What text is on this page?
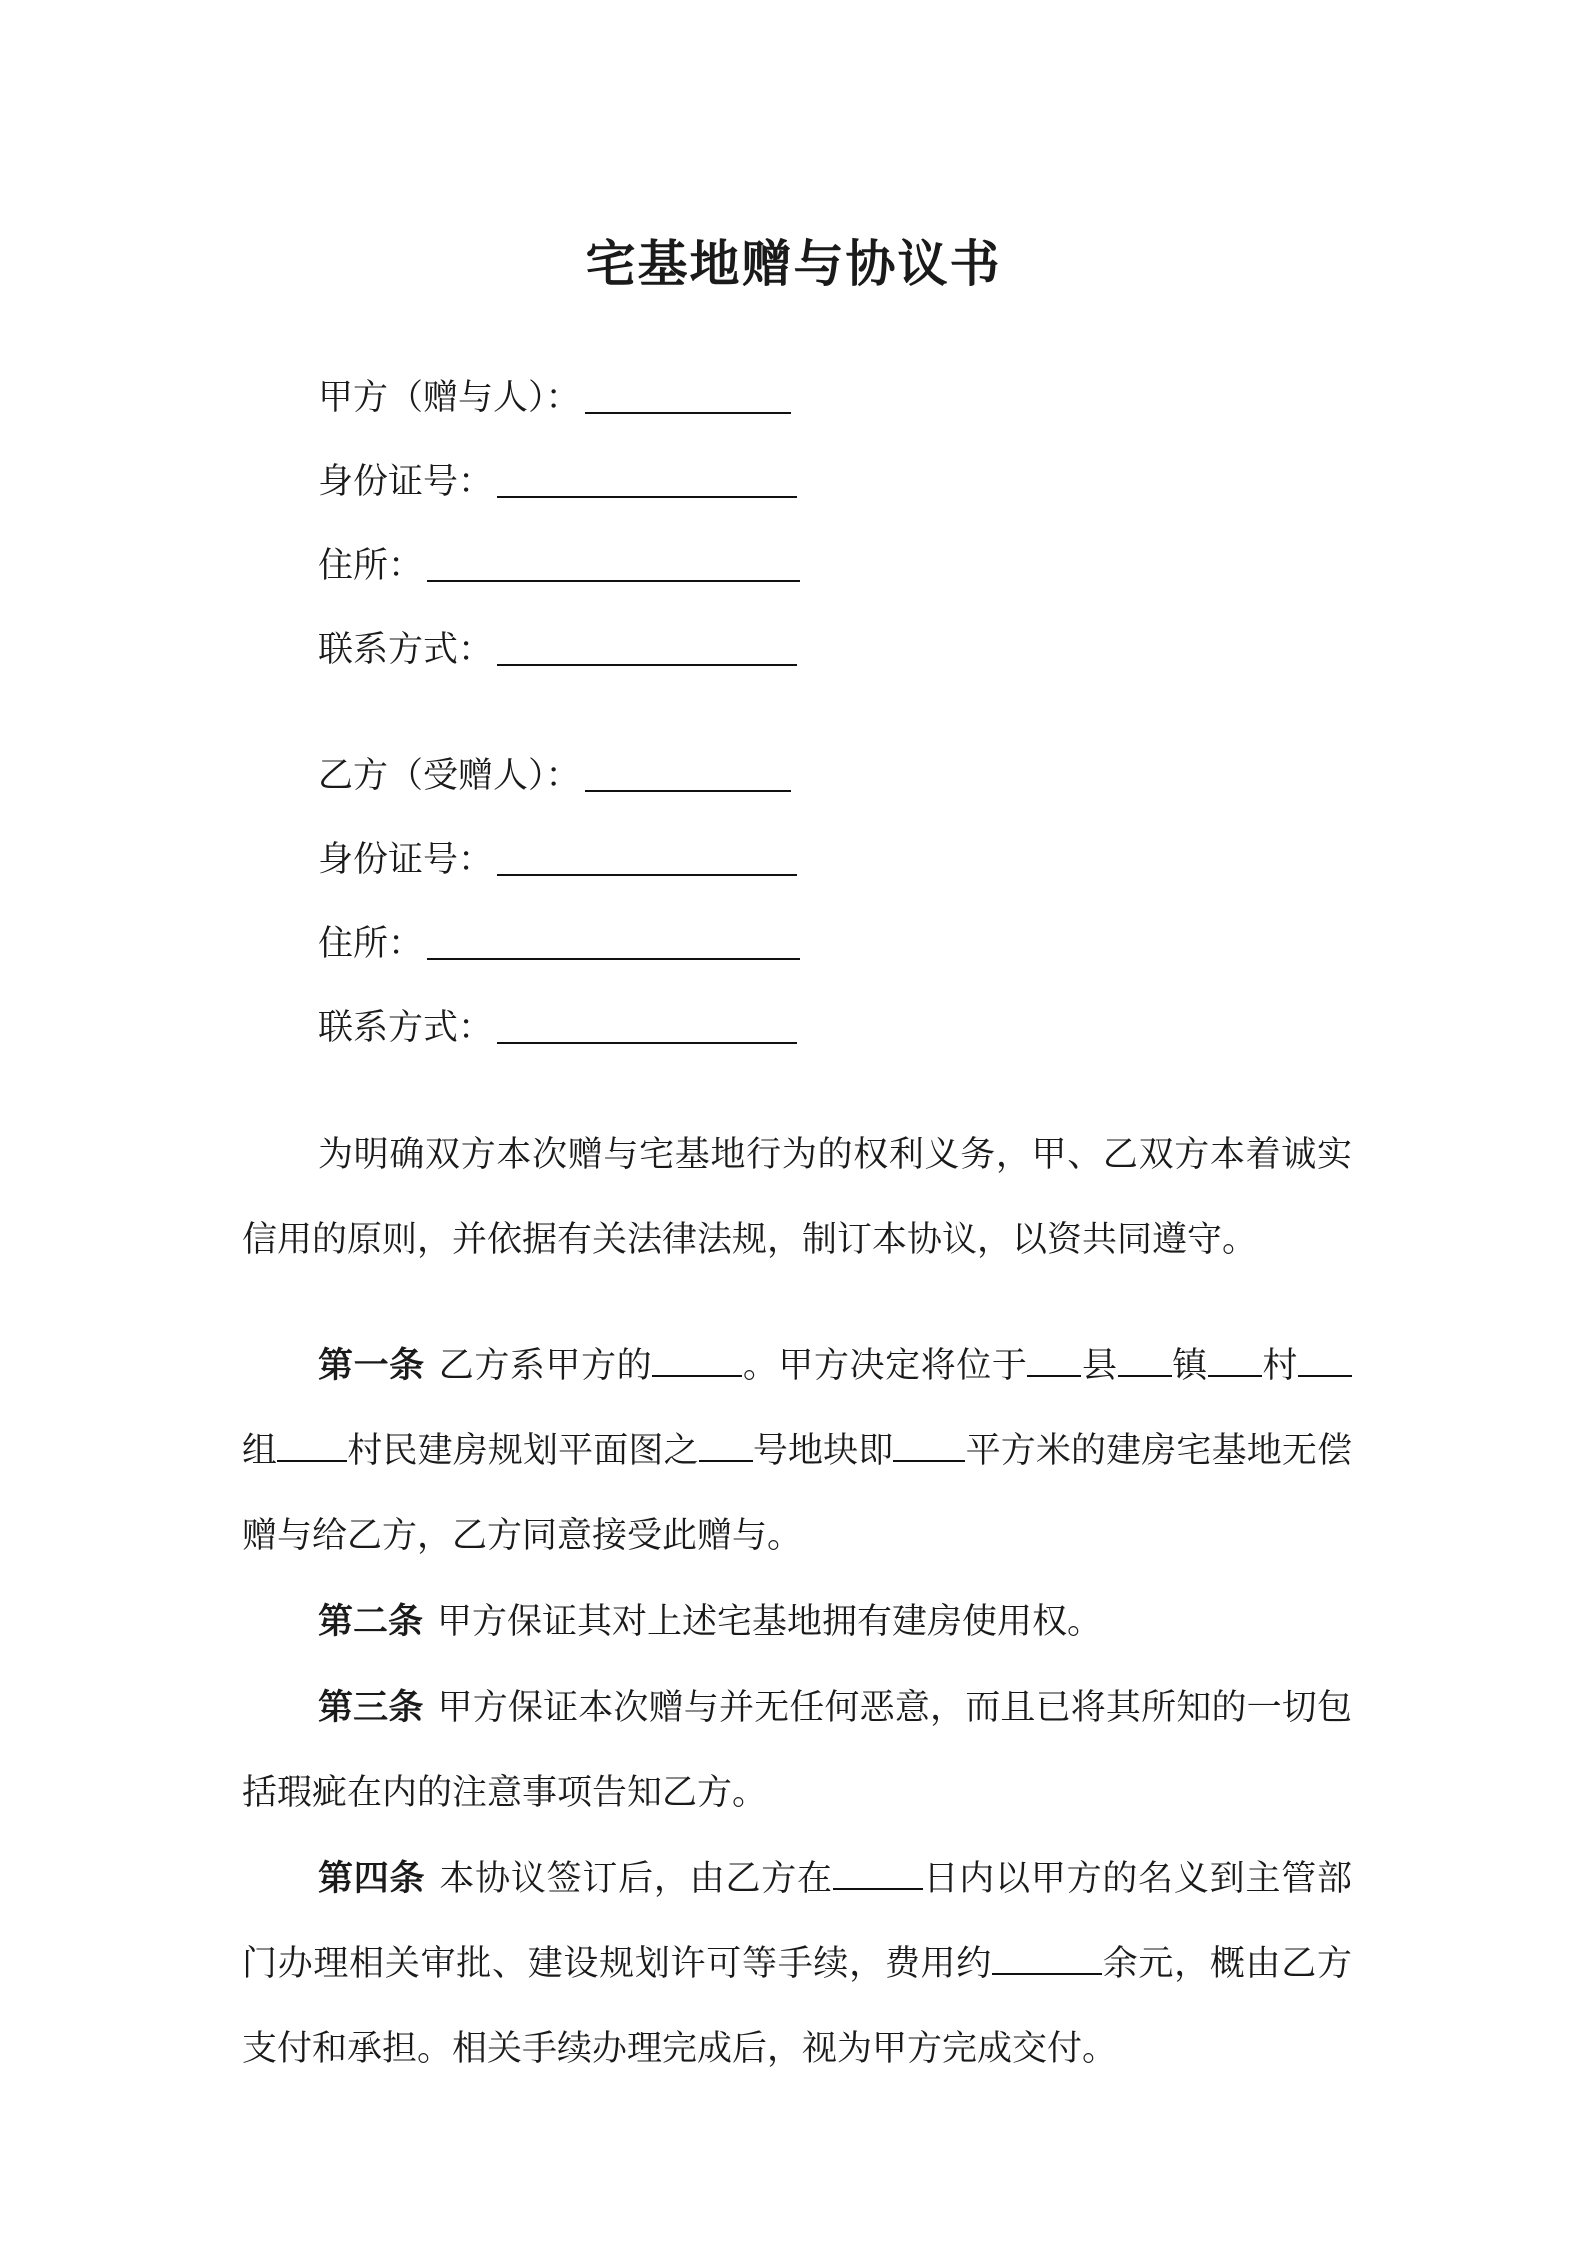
宅基地赠与协议书
甲方（赠与人）：
身份证号：
住所：
联系方式：
乙方（受赠人）：
身份证号：
住所：
联系方式：

为明确双方本次赠与宅基地行为的权利义务，甲、乙双方本着诚实信用的原则，并依据有关法律法规，制订本协议，以资共同遵守。

第一条 乙方系甲方的	。甲方决定将位于 县 镇 村组 村民建房规划平面图之 号地块即 平方米的建房宅基地无偿赠与给乙方，乙方同意接受此赠与。

第二条 甲方保证其对上述宅基地拥有建房使用权。

第三条 甲方保证本次赠与并无任何恶意，而且已将其所知的一切包括瑕疵在内的注意事项告知乙方。

第四条 本协议签订后，由乙方在	日内以甲方的名义到主管部门办理相关审批、建设规划许可等手续，费用约	余元，概由乙方支付和承担。相关手续办理完成后，视为甲方完成交付。
